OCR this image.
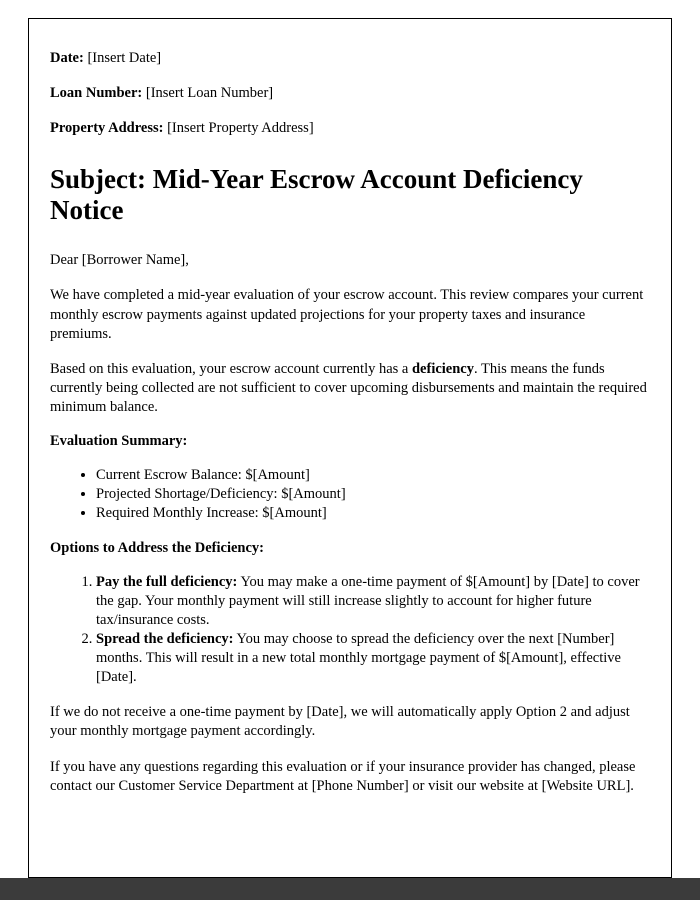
Date: [Insert Date]

Loan Number: [Insert Loan Number]

Property Address: [Insert Property Address]

Subject: Mid-Year Escrow Account Deficiency Notice

Dear [Borrower Name],

We have completed a mid-year evaluation of your escrow account. This review compares your current monthly escrow payments against updated projections for your property taxes and insurance premiums.

Based on this evaluation, your escrow account currently has a deficiency. This means the funds currently being collected are not sufficient to cover upcoming disbursements and maintain the required minimum balance.

Evaluation Summary:

• Current Escrow Balance: $[Amount]
• Projected Shortage/Deficiency: $[Amount]
• Required Monthly Increase: $[Amount]

Options to Address the Deficiency:

1. Pay the full deficiency: You may make a one-time payment of $[Amount] by [Date] to cover the gap. Your monthly payment will still increase slightly to account for higher future tax/insurance costs.
2. Spread the deficiency: You may choose to spread the deficiency over the next [Number] months. This will result in a new total monthly mortgage payment of $[Amount], effective [Date].

If we do not receive a one-time payment by [Date], we will automatically apply Option 2 and adjust your monthly mortgage payment accordingly.

If you have any questions regarding this evaluation or if your insurance provider has changed, please contact our Customer Service Department at [Phone Number] or visit our website at [Website URL].
